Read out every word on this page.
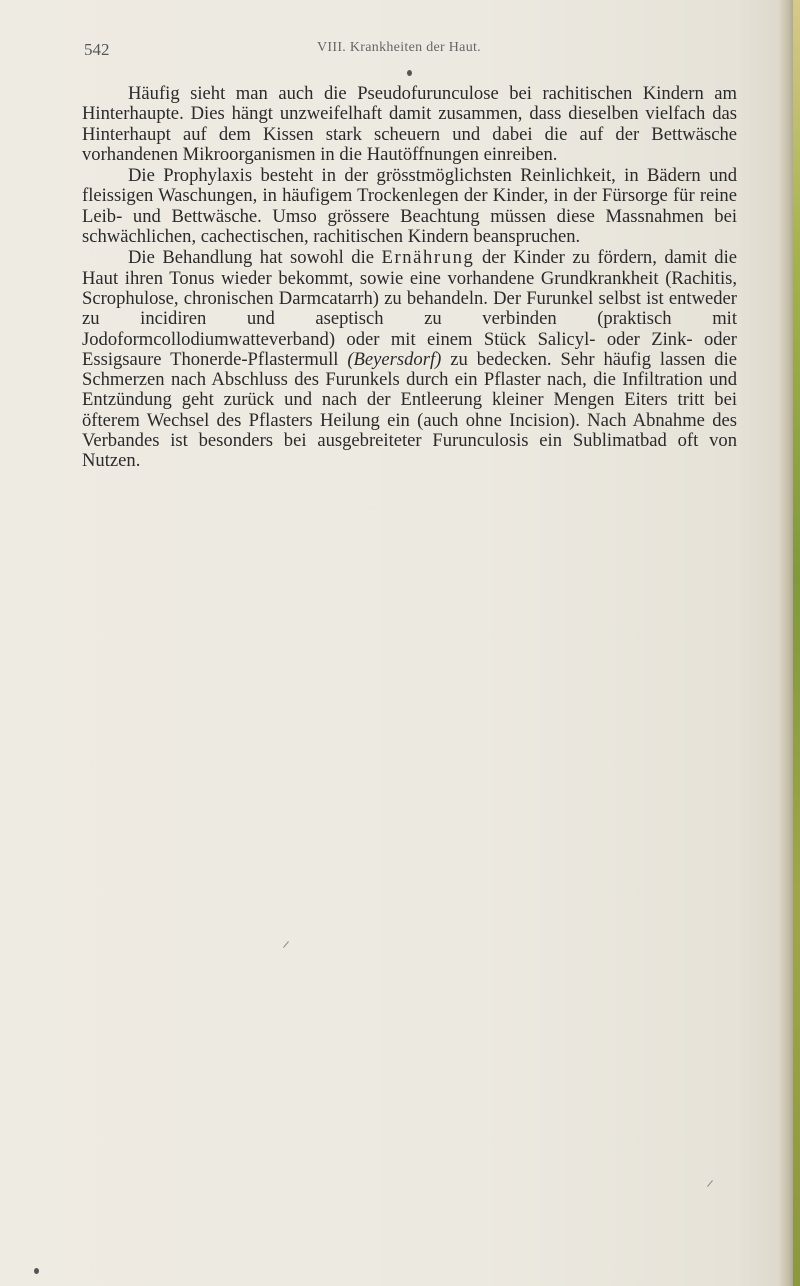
542	VIII. Krankheiten der Haut.

Häufig sieht man auch die Pseudofurunculose bei rachitischen Kindern am Hinterhaupte. Dies hängt unzweifelhaft damit zusammen, dass dieselben vielfach das Hinterhaupt auf dem Kissen stark scheuern und dabei die auf der Bettwäsche vorhandenen Mikroorganismen in die Hautöffnungen einreiben.

Die Prophylaxis besteht in der grösstmöglichsten Reinlichkeit, in Bädern und fleissigen Waschungen, in häufigem Trockenlegen der Kinder, in der Fürsorge für reine Leib- und Bettwäsche. Umso grössere Beachtung müssen diese Massnahmen bei schwächlichen, cachectischen, rachitischen Kindern beanspruchen.

Die Behandlung hat sowohl die Ernährung der Kinder zu fördern, damit die Haut ihren Tonus wieder bekommt, sowie eine vorhandene Grundkrankheit (Rachitis, Scrophulose, chronischen Darmcatarrh) zu behandeln. Der Furunkel selbst ist entweder zu incidiren und aseptisch zu verbinden (praktisch mit Jodoformcollodiumwatteverband) oder mit einem Stück Salicyl- oder Zink- oder Essigsaure Thonerde-Pflastermull (Beyersdorf) zu bedecken. Sehr häufig lassen die Schmerzen nach Abschluss des Furunkels durch ein Pflaster nach, die Infiltration und Entzündung geht zurück und nach der Entleerung kleiner Mengen Eiters tritt bei öfterem Wechsel des Pflasters Heilung ein (auch ohne Incision). Nach Abnahme des Verbandes ist besonders bei ausgebreiteter Furunculosis ein Sublimatbad oft von Nutzen.
